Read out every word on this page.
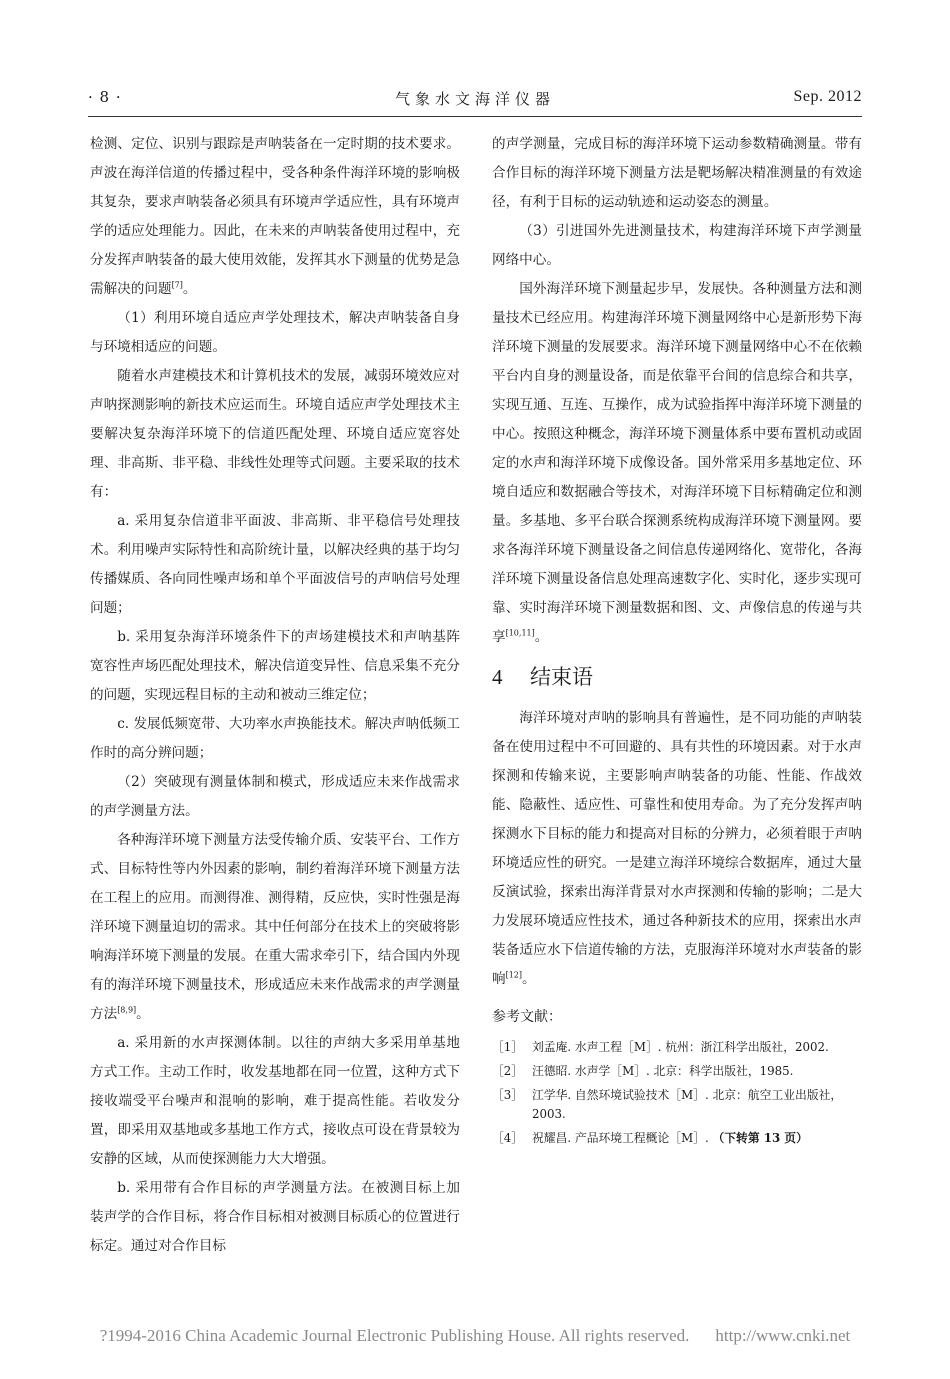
· 8 ·	气象水文海洋仪器	Sep. 2012

检测、定位、识别与跟踪是声呐装备在一定时期的技术要求。声波在海洋信道的传播过程中，受各种条件海洋环境的影响极其复杂，要求声呐装备必须具有环境声学适应性，具有环境声学的适应处理能力。因此，在未来的声呐装备使用过程中，充分发挥声呐装备的最大使用效能，发挥其水下测量的优势是急需解决的问题[7]。

（1）利用环境自适应声学处理技术，解决声呐装备自身与环境相适应的问题。

随着水声建模技术和计算机技术的发展，减弱环境效应对声呐探测影响的新技术应运而生。环境自适应声学处理技术主要解决复杂海洋环境下的信道匹配处理、环境自适应宽容处理、非高斯、非平稳、非线性处理等式问题。主要采取的技术有：

a. 采用复杂信道非平面波、非高斯、非平稳信号处理技术。利用噪声实际特性和高阶统计量，以解决经典的基于均匀传播媒质、各向同性噪声场和单个平面波信号的声呐信号处理问题；

b. 采用复杂海洋环境条件下的声场建模技术和声呐基阵宽容性声场匹配处理技术，解决信道变异性、信息采集不充分的问题，实现远程目标的主动和被动三维定位；

c. 发展低频宽带、大功率水声换能技术。解决声呐低频工作时的高分辨问题；

（2）突破现有测量体制和模式，形成适应未来作战需求的声学测量方法。

各种海洋环境下测量方法受传输介质、安装平台、工作方式、目标特性等内外因素的影响，制约着海洋环境下测量方法在工程上的应用。而测得准、测得精，反应快，实时性强是海洋环境下测量迫切的需求。其中任何部分在技术上的突破将影响海洋环境下测量的发展。在重大需求牵引下，结合国内外现有的海洋环境下测量技术，形成适应未来作战需求的声学测量方法[8,9]。

a. 采用新的水声探测体制。以往的声纳大多采用单基地方式工作。主动工作时，收发基地都在同一位置，这种方式下接收端受平台噪声和混响的影响，难于提高性能。若收发分置，即采用双基地或多基地工作方式，接收点可设在背景较为安静的区域，从而使探测能力大大增强。

b. 采用带有合作目标的声学测量方法。在被测目标上加装声学的合作目标，将合作目标相对被测目标质心的位置进行标定。通过对合作目标

的声学测量，完成目标的海洋环境下运动参数精确测量。带有合作目标的海洋环境下测量方法是靶场解决精准测量的有效途径，有利于目标的运动轨迹和运动姿态的测量。

（3）引进国外先进测量技术，构建海洋环境下声学测量网络中心。

国外海洋环境下测量起步早，发展快。各种测量方法和测量技术已经应用。构建海洋环境下测量网络中心是新形势下海洋环境下测量的发展要求。海洋环境下测量网络中心不在依赖平台内自身的测量设备，而是依靠平台间的信息综合和共享，实现互通、互连、互操作，成为试验指挥中海洋环境下测量的中心。按照这种概念，海洋环境下测量体系中要布置机动或固定的水声和海洋环境下成像设备。国外常采用多基地定位、环境自适应和数据融合等技术，对海洋环境下目标精确定位和测量。多基地、多平台联合探测系统构成海洋环境下测量网。要求各海洋环境下测量设备之间信息传递网络化、宽带化，各海洋环境下测量设备信息处理高速数字化、实时化，逐步实现可靠、实时海洋环境下测量数据和图、文、声像信息的传递与共享[10,11]。

4 结束语

海洋环境对声呐的影响具有普遍性，是不同功能的声呐装备在使用过程中不可回避的、具有共性的环境因素。对于水声探测和传输来说，主要影响声呐装备的功能、性能、作战效能、隐蔽性、适应性、可靠性和使用寿命。为了充分发挥声呐探测水下目标的能力和提高对目标的分辨力，必须着眼于声呐环境适应性的研究。一是建立海洋环境综合数据库，通过大量反演试验，探索出海洋背景对水声探测和传输的影响；二是大力发展环境适应性技术，通过各种新技术的应用，探索出水声装备适应水下信道传输的方法，克服海洋环境对水声装备的影响[12]。

参考文献：
［1］ 刘孟庵. 水声工程［M］. 杭州：浙江科学出版社，2002.
［2］ 汪德昭. 水声学［M］. 北京：科学出版社，1985.
［3］ 江学华. 自然环境试验技术［M］. 北京：航空工业出版社，2003.
［4］ 祝耀昌. 产品环境工程概论［M］. （下转第 13 页）
?1994-2016 China Academic Journal Electronic Publishing House. All rights reserved. http://www.cnki.net
